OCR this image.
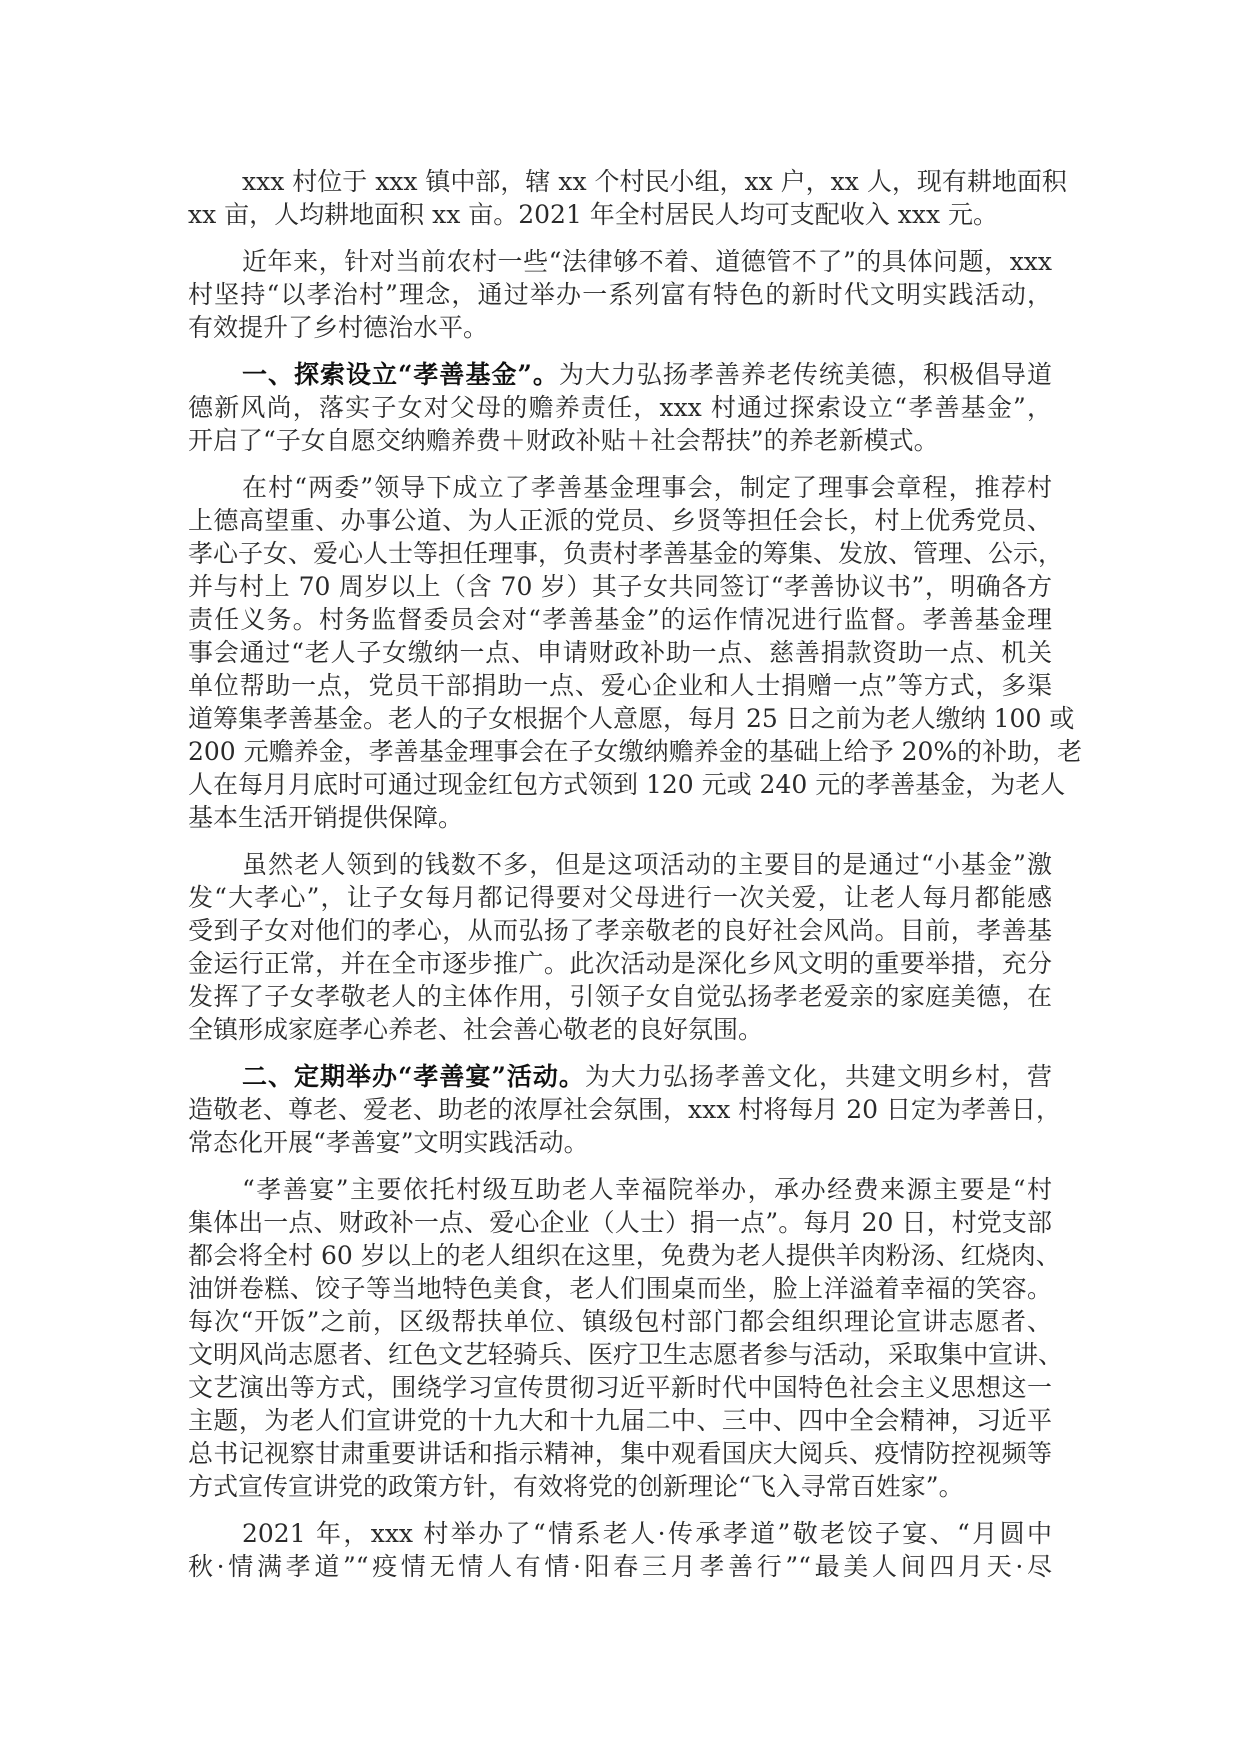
xxx 村位于 xxx 镇中部，辖 xx 个村民小组，xx 户，xx 人，现有耕地面积
xx 亩，人均耕地面积 xx 亩。2021 年全村居民人均可支配收入 xxx 元。
近年来，针对当前农村一些“法律够不着、道德管不了”的具体问题，xxx
村坚持“以孝治村”理念，通过举办一系列富有特色的新时代文明实践活动，
有效提升了乡村德治水平。
一、探索设立“孝善基金”。为大力弘扬孝善养老传统美德，积极倡导道
德新风尚，落实子女对父母的赡养责任，xxx 村通过探索设立“孝善基金”，
开启了“子女自愿交纳赡养费＋财政补贴＋社会帮扶”的养老新模式。
在村“两委”领导下成立了孝善基金理事会，制定了理事会章程，推荐村
上德高望重、办事公道、为人正派的党员、乡贤等担任会长，村上优秀党员、
孝心子女、爱心人士等担任理事，负责村孝善基金的筹集、发放、管理、公示，
并与村上 70 周岁以上（含 70 岁）其子女共同签订“孝善协议书”，明确各方
责任义务。村务监督委员会对“孝善基金”的运作情况进行监督。孝善基金理
事会通过“老人子女缴纳一点、申请财政补助一点、慈善捐款资助一点、机关
单位帮助一点，党员干部捐助一点、爱心企业和人士捐赠一点”等方式，多渠
道筹集孝善基金。老人的子女根据个人意愿，每月 25 日之前为老人缴纳 100 或
200 元赡养金，孝善基金理事会在子女缴纳赡养金的基础上给予 20%的补助，老
人在每月月底时可通过现金红包方式领到 120 元或 240 元的孝善基金，为老人
基本生活开销提供保障。
虽然老人领到的钱数不多，但是这项活动的主要目的是通过“小基金”激
发“大孝心”，让子女每月都记得要对父母进行一次关爱，让老人每月都能感
受到子女对他们的孝心，从而弘扬了孝亲敬老的良好社会风尚。目前，孝善基
金运行正常，并在全市逐步推广。此次活动是深化乡风文明的重要举措，充分
发挥了子女孝敬老人的主体作用，引领子女自觉弘扬孝老爱亲的家庭美德，在
全镇形成家庭孝心养老、社会善心敬老的良好氛围。
二、定期举办“孝善宴”活动。为大力弘扬孝善文化，共建文明乡村，营
造敬老、尊老、爱老、助老的浓厚社会氛围，xxx 村将每月 20 日定为孝善日，
常态化开展“孝善宴”文明实践活动。
“孝善宴”主要依托村级互助老人幸福院举办，承办经费来源主要是“村
集体出一点、财政补一点、爱心企业（人士）捐一点”。每月 20 日，村党支部
都会将全村 60 岁以上的老人组织在这里，免费为老人提供羊肉粉汤、红烧肉、
油饼卷糕、饺子等当地特色美食，老人们围桌而坐，脸上洋溢着幸福的笑容。
每次“开饭”之前，区级帮扶单位、镇级包村部门都会组织理论宣讲志愿者、
文明风尚志愿者、红色文艺轻骑兵、医疗卫生志愿者参与活动，采取集中宣讲、
文艺演出等方式，围绕学习宣传贯彻习近平新时代中国特色社会主义思想这一
主题，为老人们宣讲党的十九大和十九届二中、三中、四中全会精神，习近平
总书记视察甘肃重要讲话和指示精神，集中观看国庆大阅兵、疫情防控视频等
方式宣传宣讲党的政策方针，有效将党的创新理论“飞入寻常百姓家”。
2021 年，xxx 村举办了“情系老人·传承孝道”敬老饺子宴、“月圆中
秋·情满孝道”“疫情无情人有情·阳春三月孝善行”“最美人间四月天·尽
